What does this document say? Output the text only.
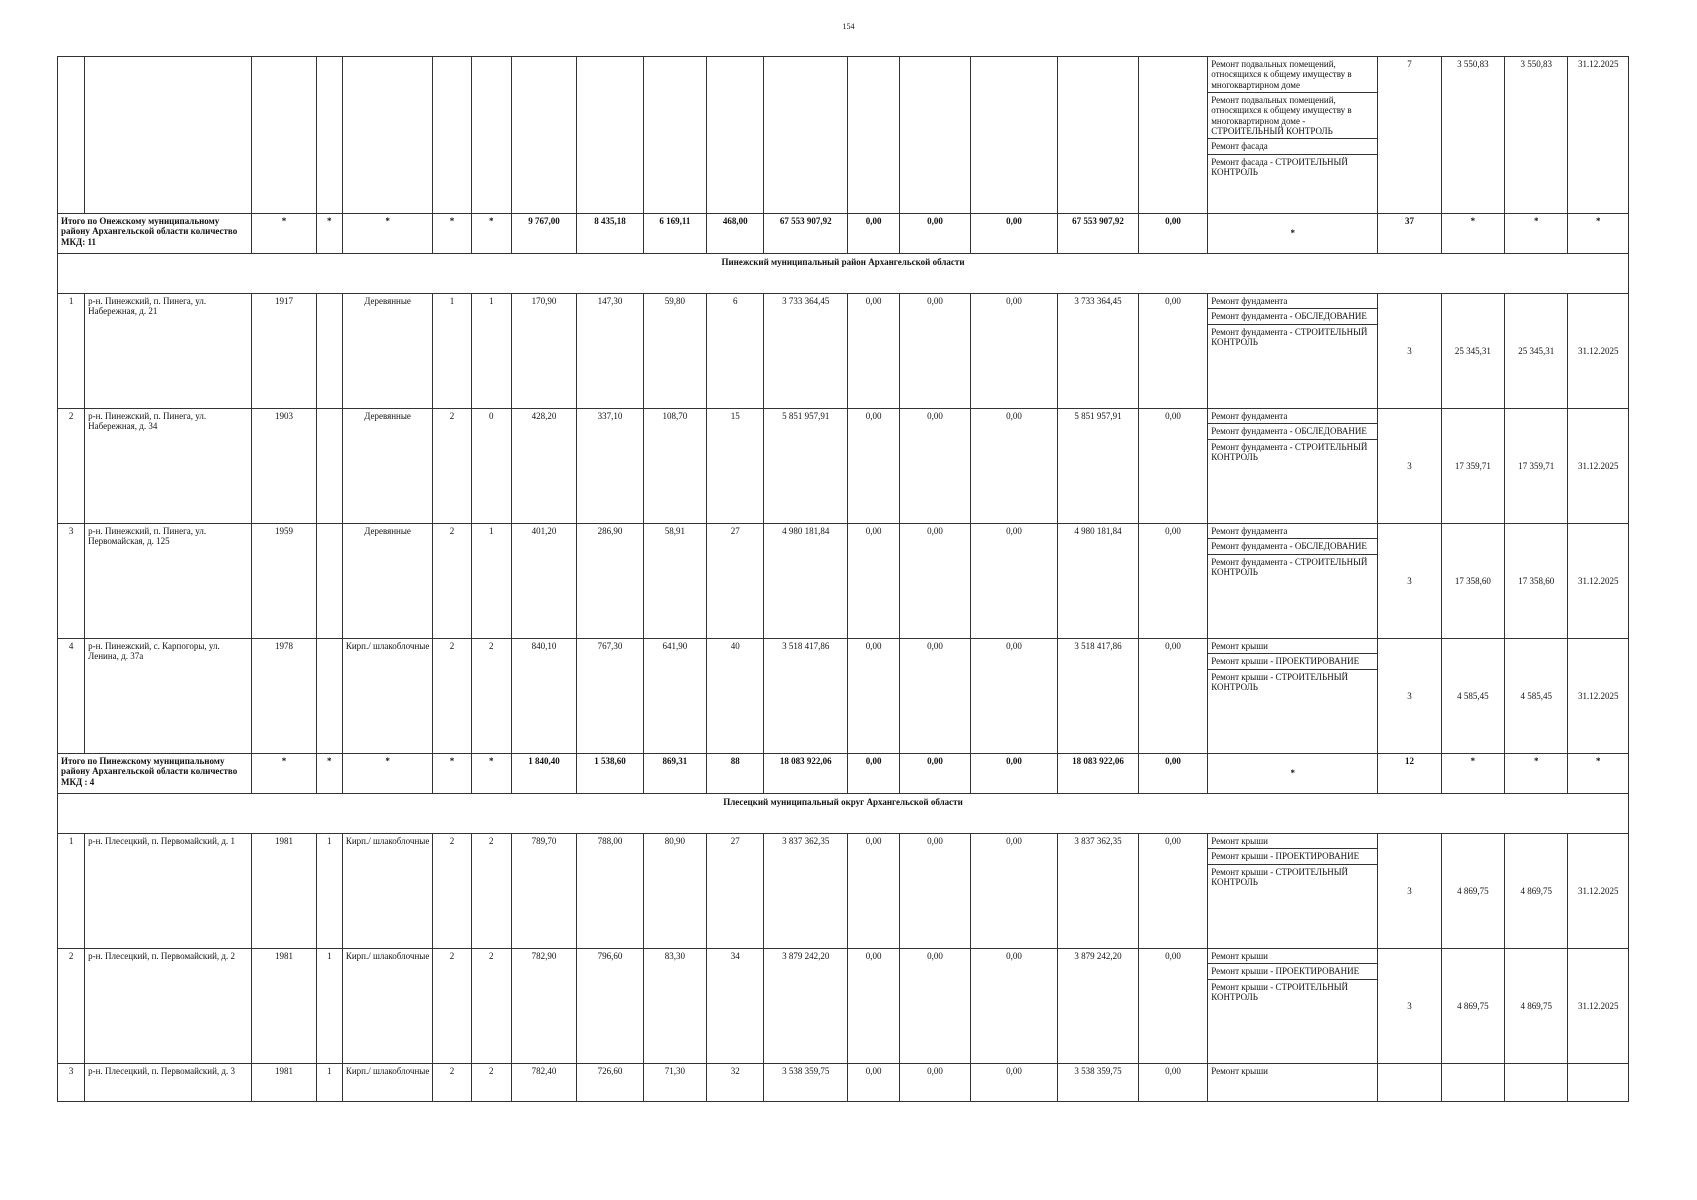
154

Ремонт подвальных помещений, относящихся к общему имуществу в многоквартирном доме
Ремонт подвальных помещений, относящихся к общему имуществу в многоквартирном доме - СТРОИТЕЛЬНЫЙ КОНТРОЛЬ
Ремонт фасада
Ремонт фасада - СТРОИТЕЛЬНЫЙ КОНТРОЛЬ	7	3 550,83	3 550,83	31.12.2025
Итого по Онежскому муниципальному району Архангельской области количество МКД: 11		*	*	*	*	*	9 767,00	8 435,18	6 169,11	468,00	67 553 907,92	0,00	0,00	0,00	67 553 907,92	0,00	*	37	*	*	*
Пинежский муниципальный район Архангельской области																					
1	р-н. Пинежский, п. Пинега, ул. Набережная, д. 21	1917		Деревянные	1	1	170,90	147,30	59,80	6	3 733 364,45	0,00	0,00	0,00	3 733 364,45	0,00	Ремонт фундамента
Ремонт фундамента - ОБСЛЕДОВАНИЕ
Ремонт фундамента - СТРОИТЕЛЬНЫЙ КОНТРОЛЬ	3	25 345,31	25 345,31	31.12.2025
2	р-н. Пинежский, п. Пинега, ул. Набережная, д. 34	1903		Деревянные	2	0	428,20	337,10	108,70	15	5 851 957,91	0,00	0,00	0,00	5 851 957,91	0,00	Ремонт фундамента
Ремонт фундамента - ОБСЛЕДОВАНИЕ
Ремонт фундамента - СТРОИТЕЛЬНЫЙ КОНТРОЛЬ	3	17 359,71	17 359,71	31.12.2025
3	р-н. Пинежский, п. Пинега, ул. Первомайская, д. 125	1959		Деревянные	2	1	401,20	286,90	58,91	27	4 980 181,84	0,00	0,00	0,00	4 980 181,84	0,00	Ремонт фундамента
Ремонт фундамента - ОБСЛЕДОВАНИЕ
Ремонт фундамента - СТРОИТЕЛЬНЫЙ КОНТРОЛЬ	3	17 358,60	17 358,60	31.12.2025
4	р-н. Пинежский, с. Карпогоры, ул. Ленина, д. 37а	1978		Кирп./ шлакоблочные	2	2	840,10	767,30	641,90	40	3 518 417,86	0,00	0,00	0,00	3 518 417,86	0,00	Ремонт крыши
Ремонт крыши - ПРОЕКТИРОВАНИЕ
Ремонт крыши - СТРОИТЕЛЬНЫЙ КОНТРОЛЬ	3	4 585,45	4 585,45	31.12.2025
Итого по Пинежскому муниципальному району Архангельской области количество МКД : 4		*	*	*	*	*	1 840,40	1 538,60	869,31	88	18 083 922,06	0,00	0,00	0,00	18 083 922,06	0,00	*	12	*	*	*
Плесецкий муниципальный округ Архангельской области																					
1	р-н. Плесецкий, п. Первомайский, д. 1	1981	1	Кирп./ шлакоблочные	2	2	789,70	788,00	80,90	27	3 837 362,35	0,00	0,00	0,00	3 837 362,35	0,00	Ремонт крыши
Ремонт крыши - ПРОЕКТИРОВАНИЕ
Ремонт крыши - СТРОИТЕЛЬНЫЙ КОНТРОЛЬ	3	4 869,75	4 869,75	31.12.2025
2	р-н. Плесецкий, п. Первомайский, д. 2	1981	1	Кирп./ шлакоблочные	2	2	782,90	796,60	83,30	34	3 879 242,20	0,00	0,00	0,00	3 879 242,20	0,00	Ремонт крыши
Ремонт крыши - ПРОЕКТИРОВАНИЕ
Ремонт крыши - СТРОИТЕЛЬНЫЙ КОНТРОЛЬ	3	4 869,75	4 869,75	31.12.2025
3	р-н. Плесецкий, п. Первомайский, д. 3	1981	1	Кирп./ шлакоблочные	2	2	782,40	726,60	71,30	32	3 538 359,75	0,00	0,00	0,00	3 538 359,75	0,00	Ремонт крыши				
